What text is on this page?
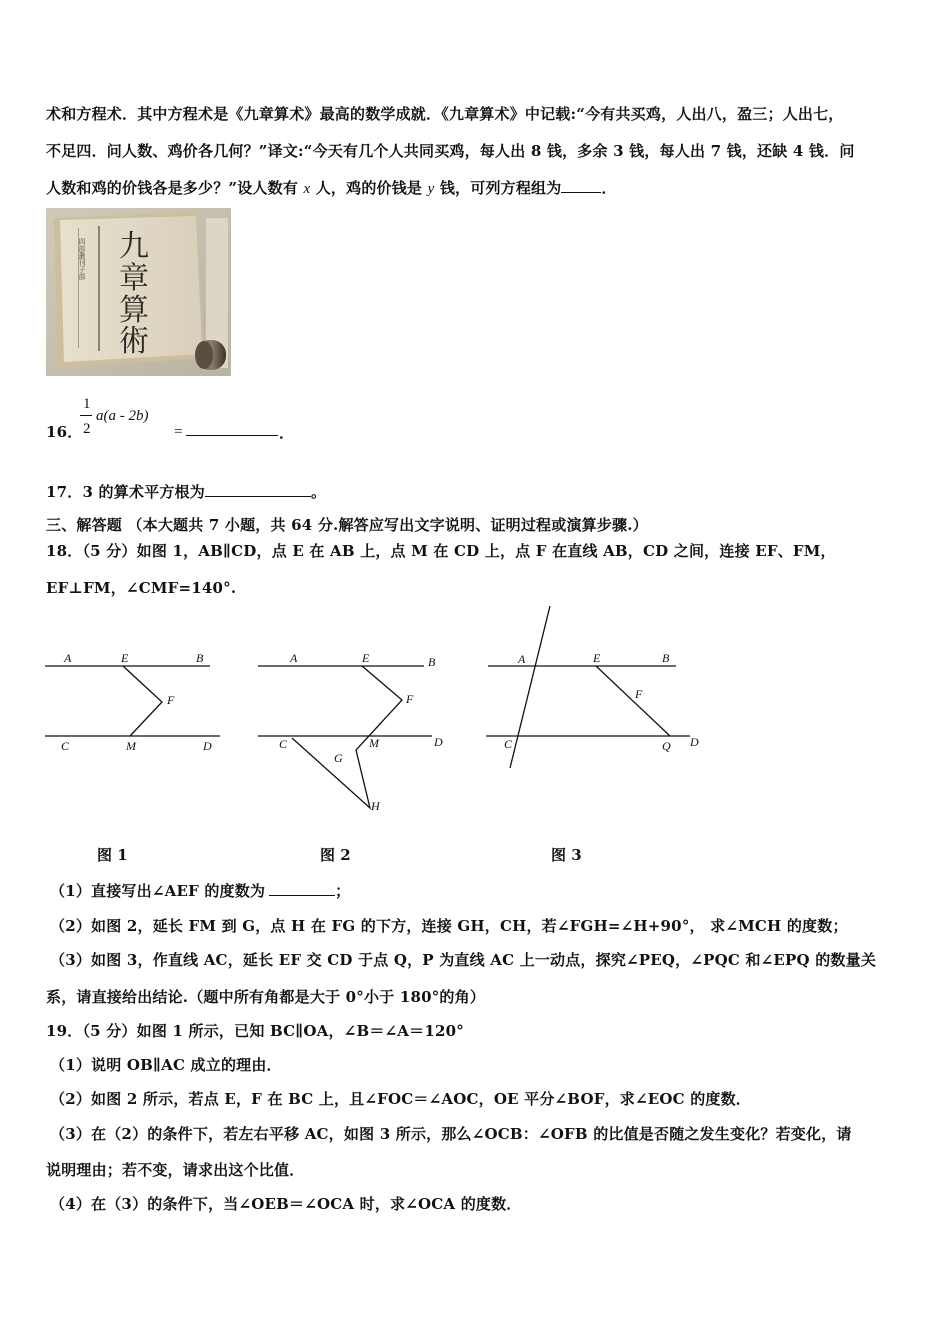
术和方程术．其中方程术是《九章算术》最高的数学成就．《九章算术》中记载:“今有共买鸡，人出八，盈三；人出七，
不足四．问人数、鸡价各几何？”译文:“今天有几个人共同买鸡，每人出 8 钱，多余 3 钱，每人出 7 钱，还缺 4 钱．问
人数和鸡的价钱各是多少？”设人数有 x 人，鸡的价钱是 y 钱，可列方程组为	．
九
章
算
術
四部叢刊子部
16．
1
2
a(a - 2b)
=	．
17．3 的算术平方根为	。
三、解答题 （本大题共 7 小题，共 64 分.解答应写出文字说明、证明过程或演算步骤.）
18．（5 分）如图 1，AB∥CD，点 E 在 AB 上，点 M 在 CD 上，点 F 在直线 AB，CD 之间，连接 EF、FM，
EF⊥FM，∠CMF=140°.
A	E	B
F
C	M	D
A	E	B
F
C	M	D
G
H
A	E	B
F
C	Q D
图 1	图 2	图 3
（1）直接写出∠AEF 的度数为	；
（2）如图 2，延长 FM 到 G，点 H 在 FG 的下方，连接 GH，CH，若∠FGH=∠H+90°， 求∠MCH 的度数；
（3）如图 3，作直线 AC，延长 EF 交 CD 于点 Q，P 为直线 AC 上一动点，探究∠PEQ，∠PQC 和∠EPQ 的数量关
系，请直接给出结论.（题中所有角都是大于 0°小于 180°的角）
19．（5 分）如图 1 所示，已知 BC∥OA，∠B＝∠A＝120°
（1）说明 OB∥AC 成立的理由．
（2）如图 2 所示，若点 E，F 在 BC 上，且∠FOC＝∠AOC，OE 平分∠BOF，求∠EOC 的度数．
（3）在（2）的条件下，若左右平移 AC，如图 3 所示，那么∠OCB：∠OFB 的比值是否随之发生变化？若变化，请
说明理由；若不变，请求出这个比值．
（4）在（3）的条件下，当∠OEB＝∠OCA 时，求∠OCA 的度数．
